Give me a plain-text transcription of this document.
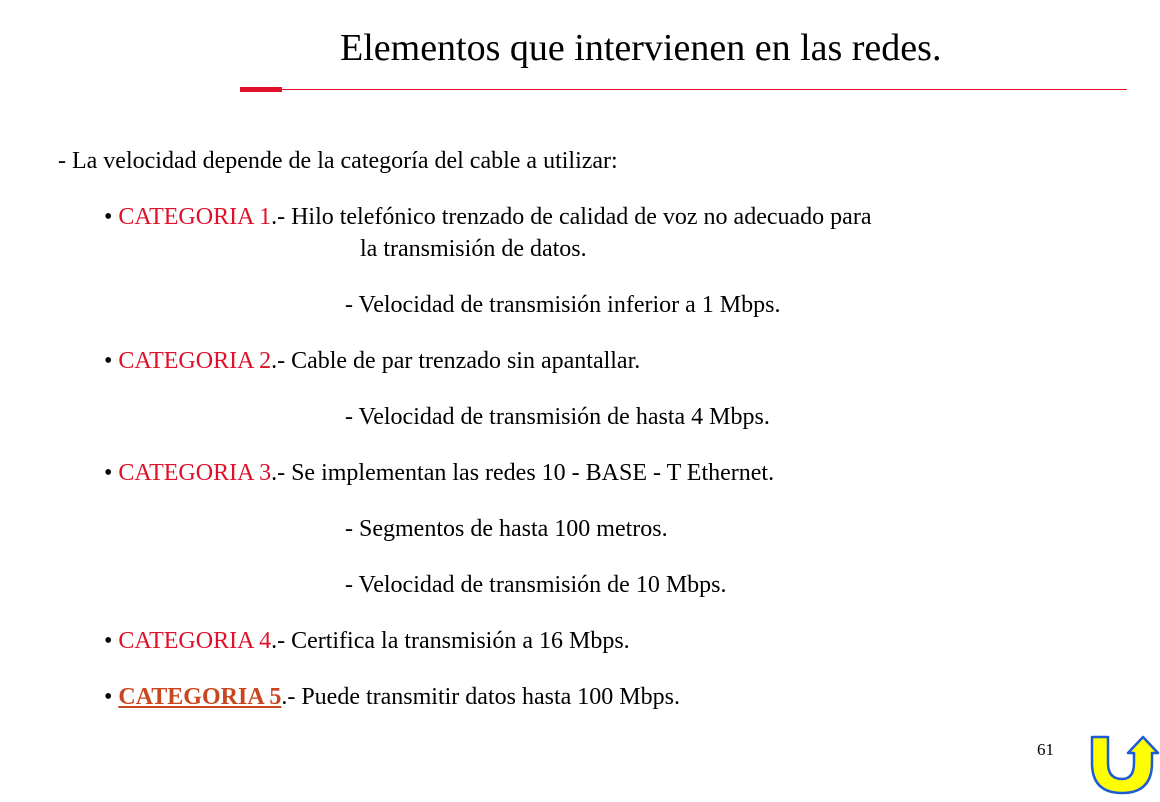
Elementos que intervienen en las redes.
- La velocidad depende de la categoría del cable a utilizar:
• CATEGORIA 1.- Hilo telefónico trenzado de calidad de voz no adecuado para
la transmisión de datos.
- Velocidad de transmisión inferior a 1 Mbps.
• CATEGORIA 2.- Cable de par trenzado sin apantallar.
- Velocidad de transmisión de hasta 4 Mbps.
• CATEGORIA 3.- Se implementan las redes 10 - BASE - T Ethernet.
- Segmentos de hasta 100 metros.
- Velocidad de transmisión de 10 Mbps.
• CATEGORIA 4.- Certifica la transmisión a 16 Mbps.
• CATEGORIA 5.- Puede transmitir datos hasta 100 Mbps.
61
